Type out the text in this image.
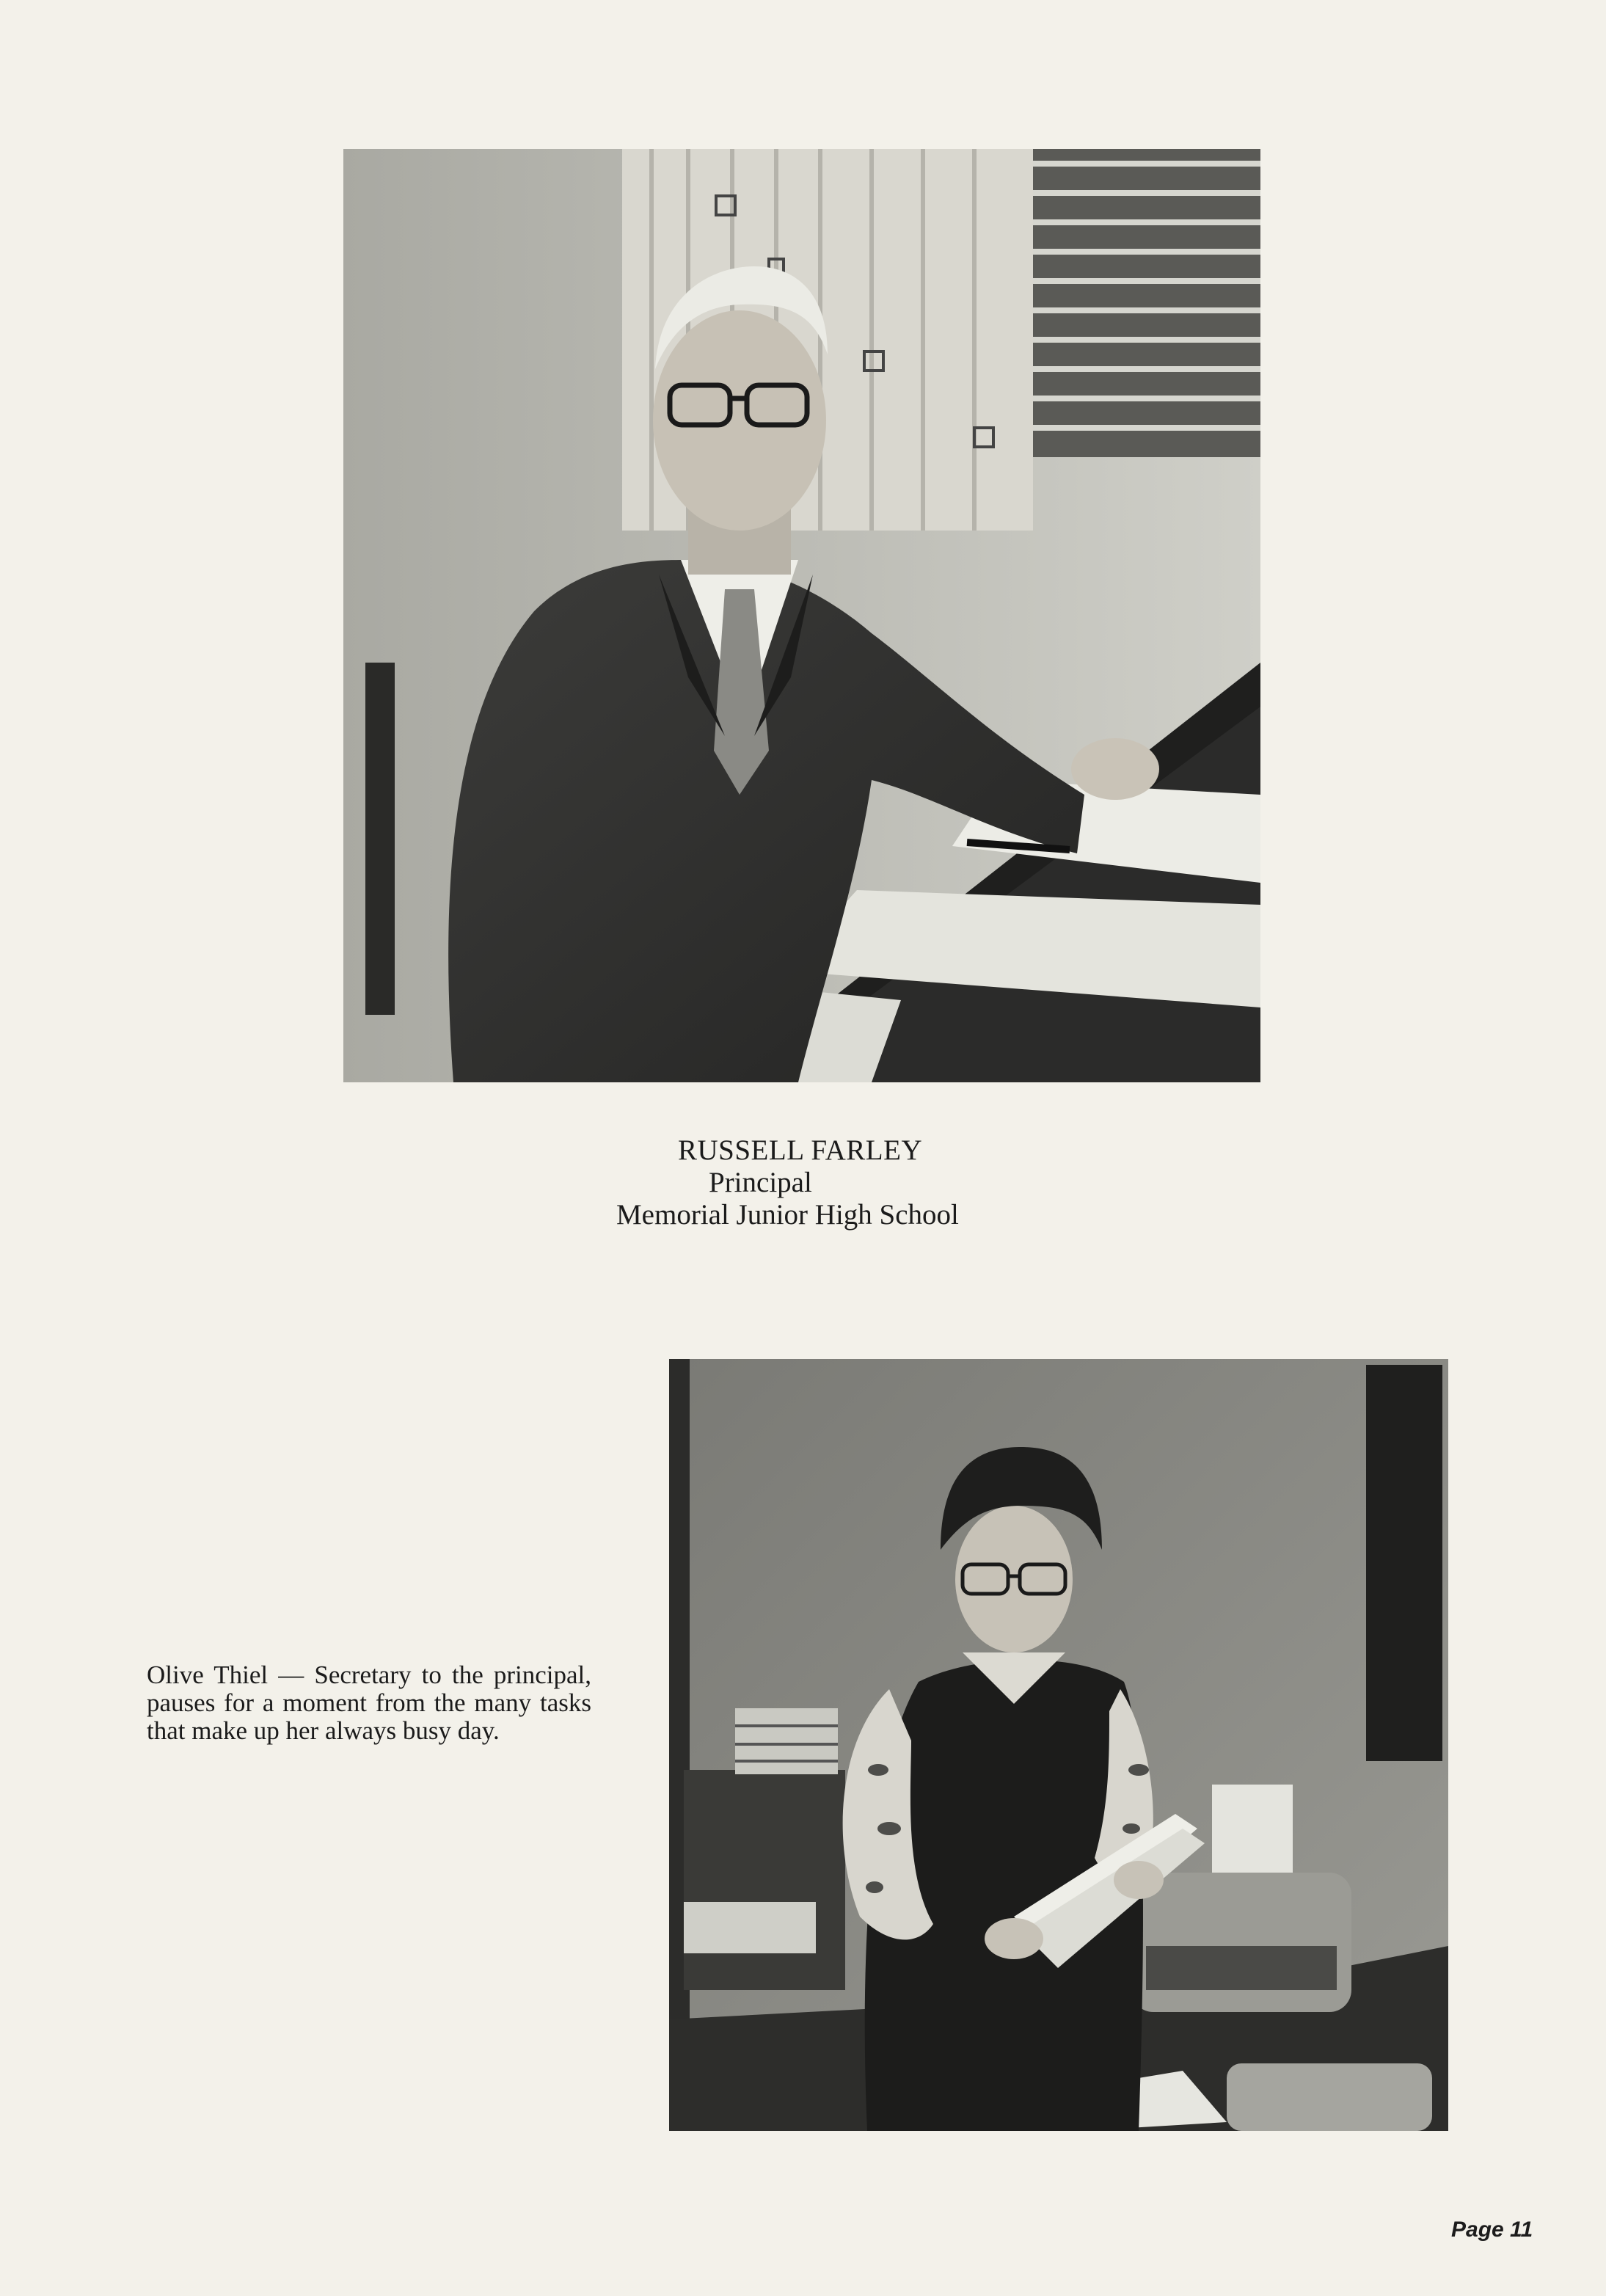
RUSSELL FARLEY
Principal
Memorial Junior High School
Olive Thiel — Secretary to the principal, pauses for a moment from the many tasks that make up her always busy day.
Page 11
